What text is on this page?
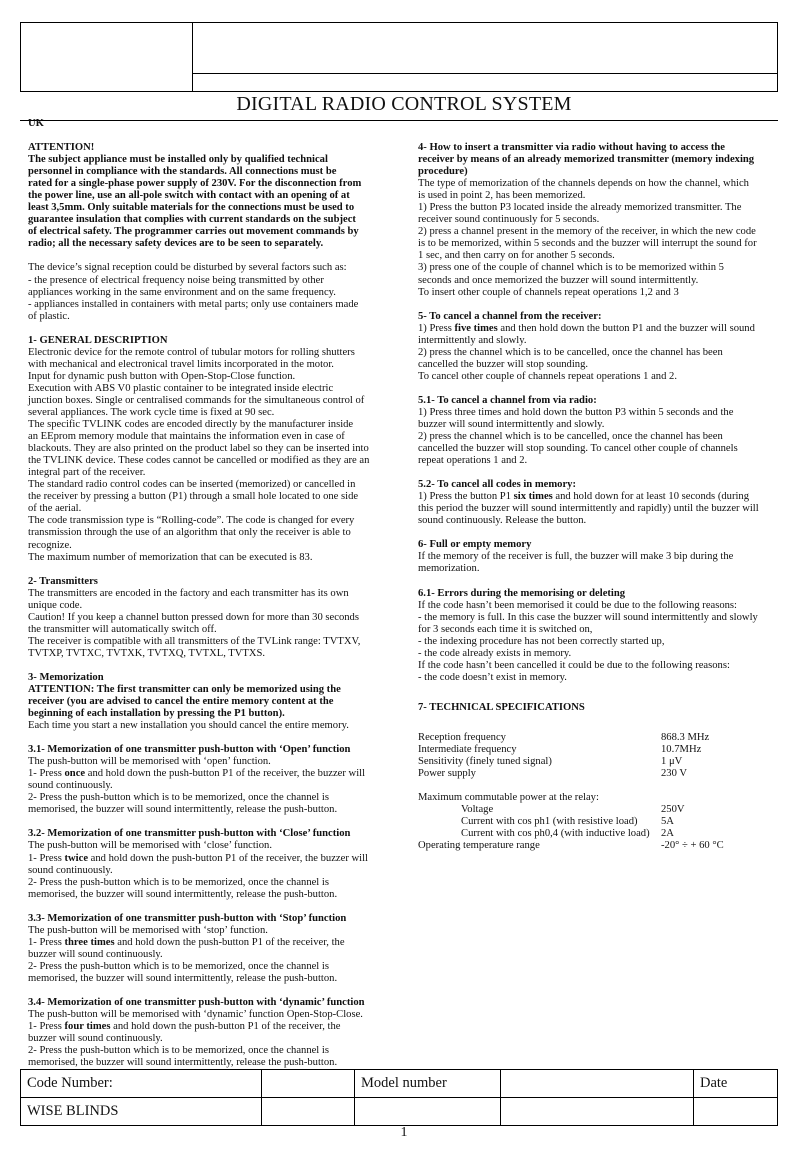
DIGITAL RADIO CONTROL SYSTEM

UK

ATTENTION!

The subject appliance must be installed only by qualified technical

personnel in compliance with the standards. All connections must be

rated for a single-phase power supply of 230V. For the disconnection from

the power line, use an all-pole switch with contact with an opening of at

least 3,5mm. Only suitable materials for the connections must be used to

guarantee insulation that complies with current standards on the subject

of electrical safety. The programmer carries out movement commands by

radio; all the necessary safety devices are to be seen to separately.

The device’s signal reception could be disturbed by several factors such as:

- the presence of electrical frequency noise being transmitted by other

appliances working in the same environment and on the same frequency.

- appliances installed in containers with metal parts; only use containers made

of plastic.

1- GENERAL DESCRIPTION

Electronic device for the remote control of tubular motors for rolling shutters

with mechanical and electronical travel limits incorporated in the motor.

Input for dynamic push button with Open-Stop-Close function.

Execution with ABS V0 plastic container to be integrated inside electric

junction boxes. Single or centralised commands for the simultaneous control of

several appliances. The work cycle time is fixed at 90 sec.

The specific TVLINK codes are encoded directly by the manufacturer inside

an EEprom memory module that maintains the information even in case of

blackouts. They are also printed on the product label so they can be inserted into

the TVLINK device. These codes cannot be cancelled or modified as they are an

integral part of the receiver.

The standard radio control codes can be inserted (memorized) or cancelled in

the receiver by pressing a button (P1) through a small hole located to one side

of the aerial.

The code transmission type is “Rolling-code”. The code is changed for every

transmission through the use of an algorithm that only the receiver is able to

recognize.

The maximum number of memorization that can be executed is 83.

2- Transmitters

The transmitters are encoded in the factory and each transmitter has its own

unique code.

Caution! If you keep a channel button pressed down for more than 30 seconds

the transmitter will automatically switch off.

The receiver is compatible with all transmitters of the TVLink range: TVTXV,

TVTXP, TVTXC, TVTXK, TVTXQ, TVTXL, TVTXS.

3- Memorization

ATTENTION: The first transmitter can only be memorized using the

receiver (you are advised to cancel the entire memory content at the

beginning of each installation by pressing the P1 button).

Each time you start a new installation you should cancel the entire memory.

3.1- Memorization of one transmitter push-button with ‘Open’ function

The push-button will be memorised with ‘open’ function.

1- Press once and hold down the push-button P1 of the receiver, the buzzer will

sound continuously.

2- Press the push-button which is to be memorized, once the channel is

memorised, the buzzer will sound intermittently, release the push-button.

3.2- Memorization of one transmitter push-button with ‘Close’ function

The push-button will be memorised with ‘close’ function.

1- Press twice and hold down the push-button P1 of the receiver, the buzzer will

sound continuously.

2- Press the push-button which is to be memorized, once the channel is

memorised, the buzzer will sound intermittently, release the push-button.

3.3- Memorization of one transmitter push-button with ‘Stop’ function

The push-button will be memorised with ‘stop’ function.

1- Press three times and hold down the push-button P1 of the receiver, the

buzzer will sound continuously.

2- Press the push-button which is to be memorized, once the channel is

memorised, the buzzer will sound intermittently, release the push-button.

3.4- Memorization of one transmitter push-button with ‘dynamic’ function

The push-button will be memorised with ‘dynamic’ function Open-Stop-Close.

1- Press four times and hold down the push-button P1 of the receiver, the

buzzer will sound continuously.

2- Press the push-button which is to be memorized, once the channel is

memorised, the buzzer will sound intermittently, release the push-button.

4- How to insert a transmitter via radio without having to access the

receiver by means of an already memorized transmitter (memory indexing

procedure)

The type of memorization of the channels depends on how the channel, which

is used in point 2, has been memorized.

1) Press the button P3 located inside the already memorized transmitter. The

receiver sound continuously for 5 seconds.

2) press a channel present in the memory of the receiver, in which the new code

is to be memorized, within 5 seconds and the buzzer will interrupt the sound for

1 sec, and then carry on for another 5 seconds.

3) press one of the couple of channel which is to be memorized within 5

seconds and once memorized the buzzer will sound intermittently.

To insert other couple of channels repeat operations 1,2 and 3

5- To cancel a channel from the receiver:

1) Press five times and then hold down the button P1 and the buzzer will sound

intermittently and slowly.

2) press the channel which is to be cancelled, once the channel has been

cancelled the buzzer will stop sounding.

To cancel other couple of channels repeat operations 1 and 2.

5.1- To cancel a channel from via radio:

1) Press three times and hold down the button P3 within 5 seconds and the

buzzer will sound intermittently and slowly.

2) press the channel which is to be cancelled, once the channel has been

cancelled the buzzer will stop sounding. To cancel other couple of channels

repeat operations 1 and 2.

5.2- To cancel all codes in memory:

1) Press the button P1 six times and hold down for at least 10 seconds (during

this period the buzzer will sound intermittently and rapidly) until the buzzer will

sound continuously. Release the button.

6- Full or empty memory

If the memory of the receiver is full, the buzzer will make 3 bip during the

memorization.

6.1- Errors during the memorising or deleting

If the code hasn’t been memorised it could be due to the following reasons:

- the memory is full. In this case the buzzer will sound intermittently and slowly

for 3 seconds each time it is switched on,

- the indexing procedure has not been correctly started up,

- the code already exists in memory.

If the code hasn’t been cancelled it could be due to the following reasons:

- the code doesn’t exist in memory.

7- TECHNICAL SPECIFICATIONS

Reception frequency	868.3 MHz
Intermediate frequency	10.7MHz
Sensitivity (finely tuned signal)	1 μV
Power supply	230 V

Maximum commutable power at the relay:

	Voltage	250V
	Current with cos ph1 (with resistive load)	5A
	Current with cos ph0,4 (with inductive load)	2A
Operating temperature range	-20° ÷ + 60 °C
Code Number:		Model number		Date
WISE BLINDS				
1
